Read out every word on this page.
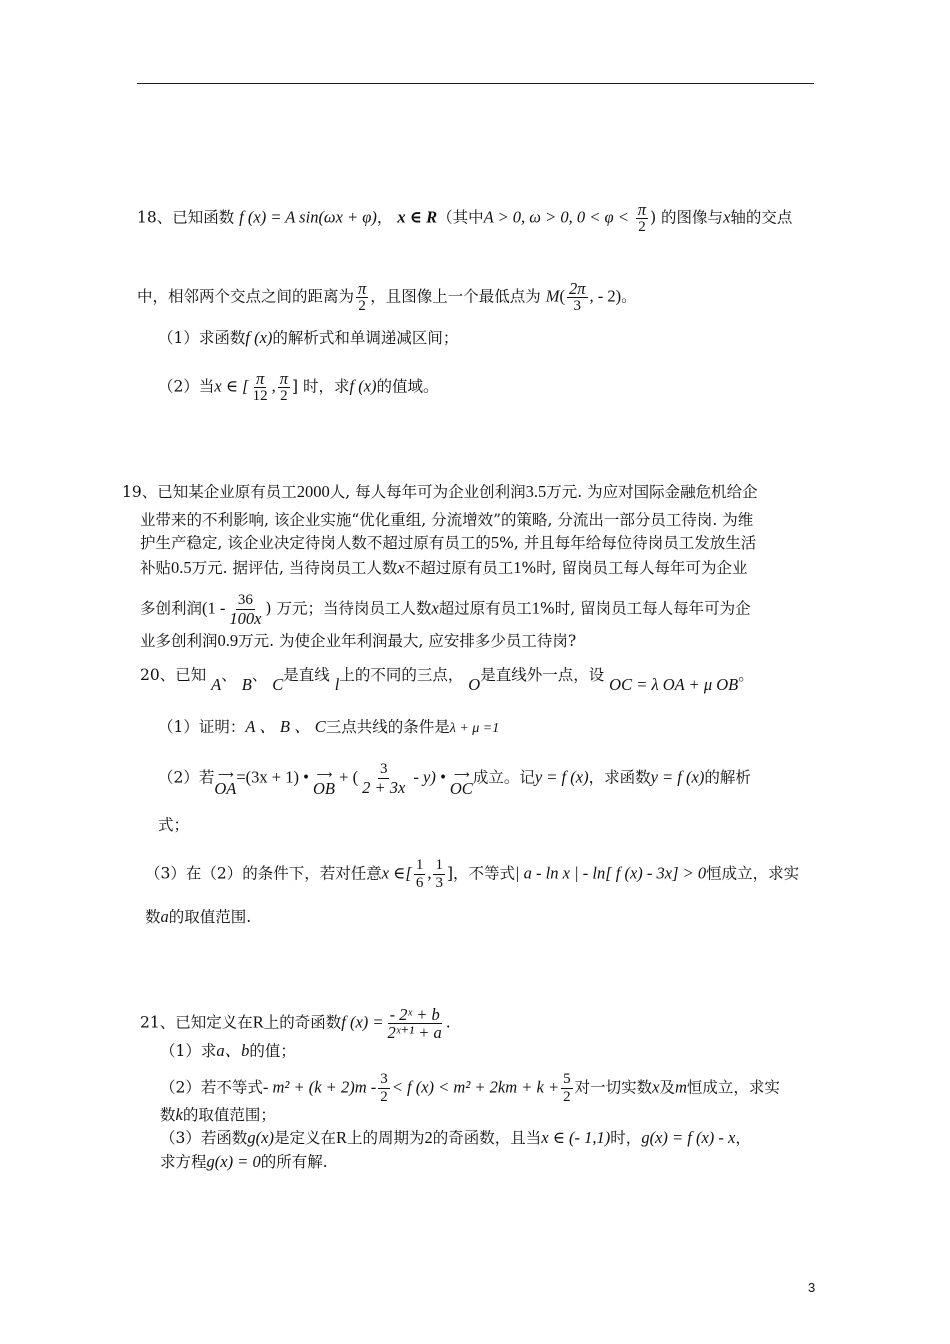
18、已知函数 f (x) = A sin(ωx + φ)， x ∈ R（其中A > 0, ω > 0, $0 < \varphi < \frac{\pi}{2}$ ) 的图像与x轴的交点
中，相邻两个交点之间的距离为 $\frac{\pi}{2}$ ，且图像上一个最低点为 $M( \frac{2\pi}{3}$ , - 2)。
（1）求函数f (x)的解析式和单调递减区间；
（2）当x ∈ [ $\frac{\pi}{12}$ , $\frac{\pi}{2}$ ] 时，求f (x)的值域。
19、已知某企业原有员工2000人, 每人每年可为企业创利润3.5万元. 为应对国际金融危机给企
业带来的不利影响, 该企业实施“优化重组, 分流增效”的策略, 分流出一部分员工待岗. 为维
护生产稳定, 该企业决定待岗人数不超过原有员工的5%, 并且每年给每位待岗员工发放生活
补贴0.5万元. 据评估, 当待岗员工人数x不超过原有员工1%时, 留岗员工每人每年可为企业
多创利润($1 - \frac{36}{100x}$ ) 万元；当待岗员工人数x超过原有员工1%时, 留岗员工每人每年可为企
业多创利润0.9万元. 为使企业年利润最大, 应安排多少员工待岗?
20、已知 A、 B、 C是直线 l上的不同的三点， O是直线外一点，设 OC = λ OA + μ OB。
（1）证明：A 、 B 、 C三点共线的条件是λ + μ =1
（2）若 ⟶
OA
=(3x + 1) • ⟶
OB
+ ( $\frac{3}{2 + 3x} - y$) • ⟶
OC
成立。记y = f (x)，求函数y = f (x)的解析
式；
（3）在（2）的条件下，若对任意x ∈[ $\frac{1}{6}$ , $\frac{1}{3}$ ]，不等式| a - ln x | - ln[ f (x) - 3x] > 0恒成立，求实
数a的取值范围.
21、已知定义在R上的奇函数f $(x) = \frac{\text{- 2ˣ + b}}{\text{2ˣ⁺¹ + a}}$ .
（1）求a、b的值；
（2）若不等式- $m^2 + (k + 2)m - \frac{3}{2} < f$ $(x) < m^2 + 2km + k + \frac{5}{2}$ 对一切实数x及m恒成立，求实
数k的取值范围；
（3）若函数g(x)是定义在R上的周期为2的奇函数，且当x ∈ (- 1,1)时，g(x) = f (x) - x，
求方程g(x) = 0的所有解.
3
